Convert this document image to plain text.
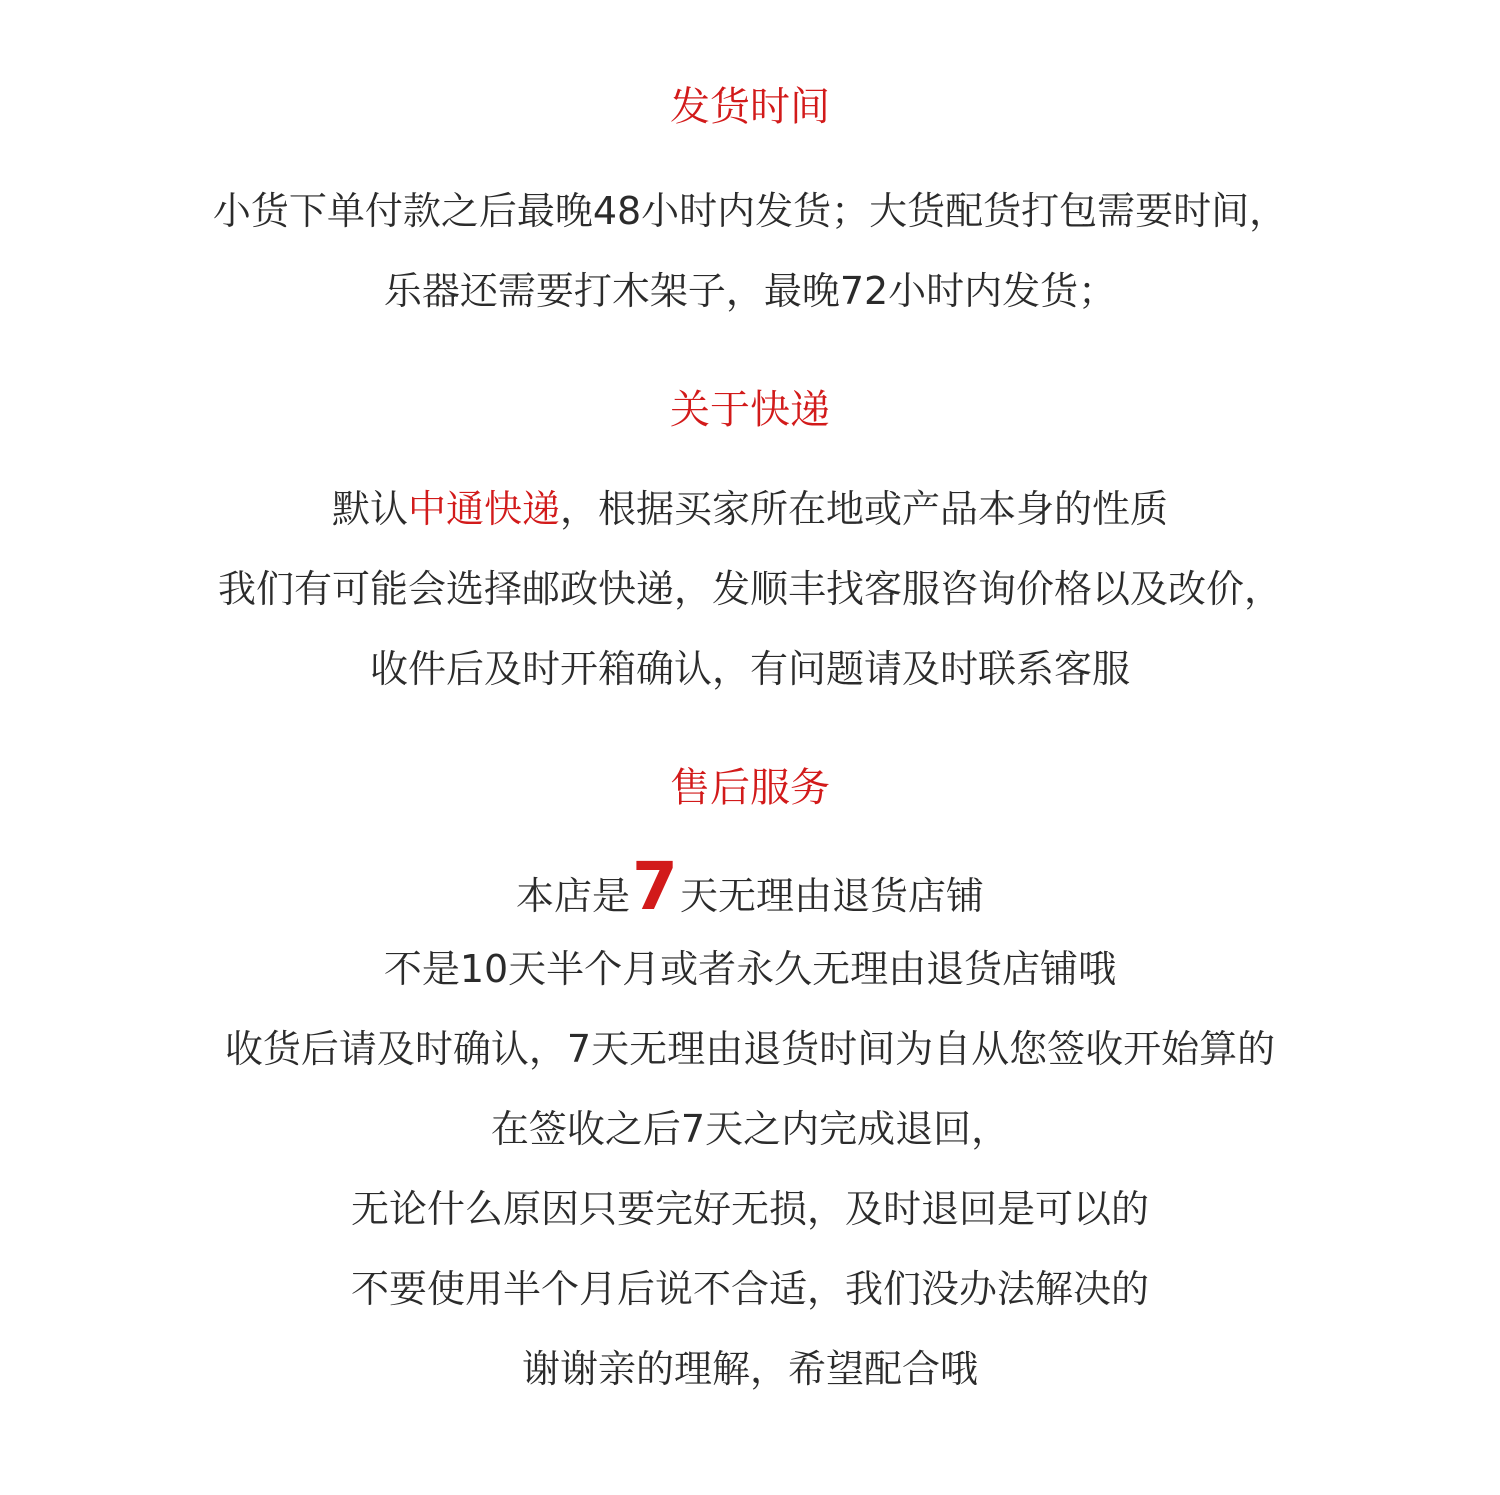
发货时间
小货下单付款之后最晚48小时内发货；大货配货打包需要时间，
乐器还需要打木架子，最晚72小时内发货；
关于快递
默认中通快递，根据买家所在地或产品本身的性质
我们有可能会选择邮政快递，发顺丰找客服咨询价格以及改价，
收件后及时开箱确认，有问题请及时联系客服
售后服务
本店是7天无理由退货店铺
不是10天半个月或者永久无理由退货店铺哦
收货后请及时确认，7天无理由退货时间为自从您签收开始算的
在签收之后7天之内完成退回，
无论什么原因只要完好无损，及时退回是可以的
不要使用半个月后说不合适，我们没办法解决的
谢谢亲的理解，希望配合哦
